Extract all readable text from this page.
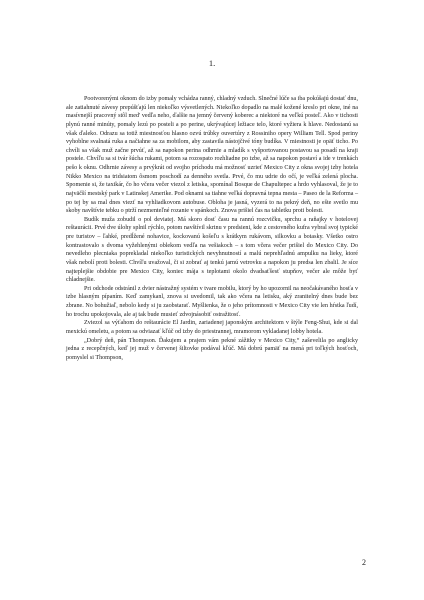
1.

Pootvorenými oknom do izby pomaly vchádza ranný, chladný vzduch. Slnečné lúče sa iba pokúšajú dostať dnu, ale zatiahnuté závesy prepúšťajú len niekoľko výsvetlených. Niekoľko dopadlo na malé kožené kreslo pri okne, iné na masívnejší pracovný stôl med' vedľa neho, ďalšie na jemný červený koberec a niektoré na veľkú posteľ. Ako v tichosti plynú ranné minúty, pomaly lezú po posteli a po perine, ukrývajúcej ležiace telo, ktoré vyžiera k hlave. Nedostanú sa však ďaleko. Odrazu sa totiž miestnosťou hlasno ozvú trúbky ouvertúry z Rossiniho opery William Tell. Spod periny vyhoblne svalnatá ruka a načiahne sa za mobilom, aby zastavila nástojčivé tóny budíka. V miestnosti je opäť ticho. Po chvíli sa však muž začne prvúť, až sa napokon perina odhrnie a mladík s vyšportovanou postavou sa posadí na kraji postele. Chvíľu sa si tvár šúcha rukami, potom sa rozospato rozhliadne po izbe, až sa napokon postaví a ide v trenkách pešo k oknu. Odhrnie závesy a prvýkrát od svojho príchodu má možnosť uzrieť Mexico City z okna svojej izby hotela Nikko Mexico na tridsiatom ôsmom poschodí za denného svetla. Prvé, čo mu udrie do očí, je veľká zelená plocha. Spomenie si, že taxikár, čo ho včera večer viezol z letiska, spomínal Bosque de Chapultepec a hrdo vyhlasoval, že je to najväčší mestský park v Latinskej Amerike. Pod oknami sa tiahne veľká dopravná tepna mesta – Paseo de la Reforma – po tej by sa mal dnes viezť na vyhliadkovom autobuse. Obloha je jasná, vyzerá to na pekný deň, no ešte svetlo mu skoby navštívie tebku o ptrží nezmenteľné rozanie v spánkoch. Znova prišiel čas na tabletku proti bolesti.

Budík muža zobudil o pol deviatej. Má skoro dosť času na rannú rozcvičku, sprchu a raňajky v hotelovej reštaurácii. Prvé dve úlohy splnil rýchlo, potom navštívil skrinu v predsieni, kde z cestovného kufra vybral svoj typické pre turistov – ľahké, predĺžené nohavice, kockovanú košeľu s krátkym rukávom, silkovku a botasky. Všetko ostro kontrastovalo s dvoma vyžehlenými oblekom vedľa na vešiakoch – s tom včera večer prišiel do Mexico City. Do nevedleho plecniaka poprekladal niekoľko turistických nevyhnutností a malú neprehľadnú ampulku na lieky, ktoré však nebolí proti bolesti. Chvíľu uvažoval, či si zobrať aj tenkú jarnú vetrovku a napokon ju predsa len zbalil. Je síce najteplejšie obdobie pre Mexico City, koniec mája s teplotami okolo dvadsaťšesť stupňov, večer ale môže byť chladnejšie.

Pri odchode odstránil z dvier nástražný systém v tvare mobilu, ktorý by ho upozornil na neočakávaného hosťa v izbe hlasným pípaním. Keď zamykanl, znova si uvedomil, tak ako včera na letisku, aký zranitelný dnes bude bez zbrane. No bohužiaľ, nebolo kedy si ju zaobstarať. Myšlienka, že o jeho prítomnosti v Mexico City vie len hŕstka ľudí, ho trochu upokojovala, ale aj tak bude musieť zdvojnásobiť ostražitosť.

Zviezol sa výťahom do reštaurácie El Jardin, zariadenej japonským architektom v štýle Feng-Shui, kde si dal mexickú omeletu, a potom sa odviazať kľúč od izby do priestrannej, mramorom vykladanej lobby hotela.

„Dobrý deň, pán Thompson. Ďakujem a prajem vám pekné zážitky v Mexico City,“ zaševelila po anglicky jedna z recepčných, keď jej muž v červenej šiltovke podával kľúč. Má dobrú pamäť na mená pri toľkých hosťoch, pomyslel si Thompson,

2
